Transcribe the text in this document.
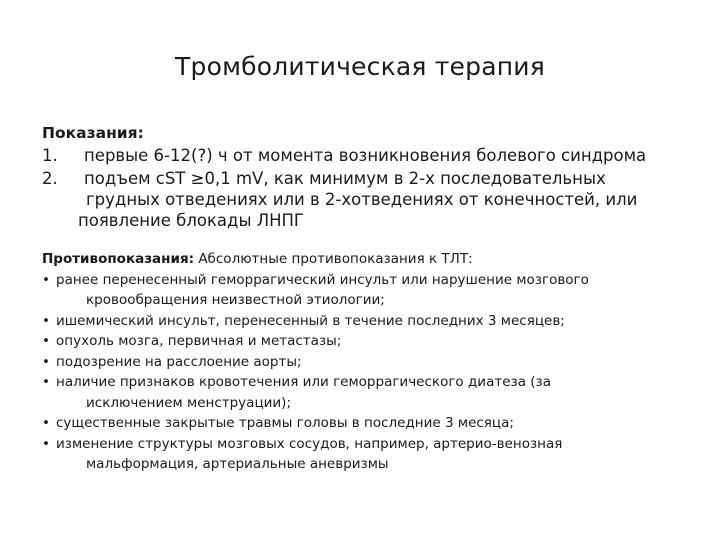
Тромболитическая терапия

Показания:

1. первые 6-12(?) ч от момента возникновения болевого синдрома
2. подъем сST ≥0,1 mV, как минимум в 2-х последовательных
грудных отведениях или в 2-хотведениях от конечностей, или
появление блокады ЛНПГ

Противопоказания: Абсолютные противопоказания к ТЛТ:

• ранее перенесенный геморрагический инсульт или нарушение мозгового
кровообращения неизвестной этиологии;
• ишемический инсульт, перенесенный в течение последних 3 месяцев;
• опухоль мозга, первичная и метастазы;
• подозрение на расслоение аорты;
• наличие признаков кровотечения или геморрагического диатеза (за
исключением менструации);
• существенные закрытые травмы головы в последние 3 месяца;
• изменение структуры мозговых сосудов, например, артерио-венозная
мальформация, артериальные аневризмы
